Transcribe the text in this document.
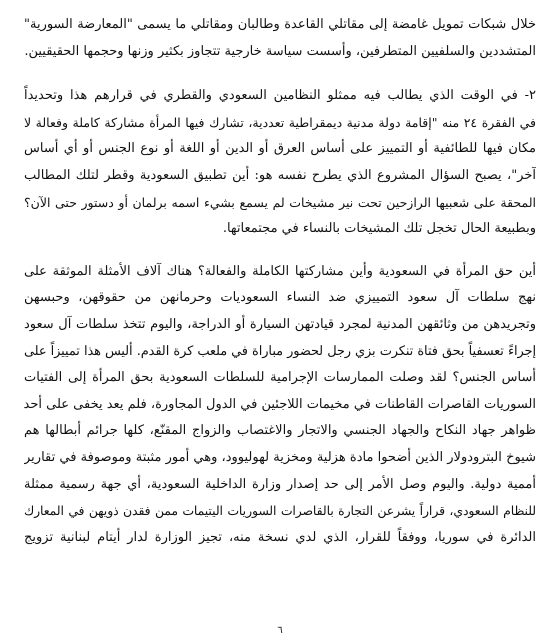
خلال شبكات تمويل غامضة إلى مقاتلي القاعدة وطالبان ومقاتلي ما يسمى "المعارضة السورية"
المتشددين والسلفيين المتطرفين، وأسست سياسة خارجية تتجاوز بكثير وزنها وحجمها الحقيقيين.
٢- في الوقت الذي يطالب فيه ممثلو النظامين السعودي والقطري في قرارهم هذا وتحديداً
في الفقرة ٢٤ منه "إقامة دولة مدنية ديمقراطية تعددية، تشارك فيها المرأة مشاركة كاملة وفعالة لا
مكان فيها للطائفية أو التمييز على أساس العرق أو الدين أو اللغة أو نوع الجنس أو أي أساس
آخر"، يصبح السؤال المشروع الذي يطرح نفسه هو: أين تطبيق السعودية وقطر لتلك المطالب
المحقة على شعبيها الرازحين تحت نير مشيخات لم يسمع بشيء اسمه برلمان أو دستور حتى الآن؟
وبطبيعة الحال تخجل تلك المشيخات بالنساء في مجتمعاتها.
أين حق المرأة في السعودية وأين مشاركتها الكاملة والفعالة؟ هناك آلاف الأمثلة الموثقة على
نهج سلطات آل سعود التمييزي ضد النساء السعوديات وحرمانهن من حقوقهن، وحبسهن
وتجريدهن من وثائقهن المدنية لمجرد قيادتهن السيارة أو الدراجة، واليوم تتخذ سلطات آل سعود
إجراءً تعسفياً بحق فتاة تنكرت بزي رجل لحضور مباراة في ملعب كرة القدم. أليس هذا تمييزاً على
أساس الجنس؟ لقد وصلت الممارسات الإجرامية للسلطات السعودية بحق المرأة إلى الفتيات
السوريات القاصرات القاطنات في مخيمات اللاجئين في الدول المجاورة، فلم يعد يخفى على أحد
ظواهر جهاد النكاح والجهاد الجنسي والاتجار والاغتصاب والزواج المقنّع، كلها جرائم أبطالها هم
شيوخ البترودولار الذين أضحوا مادة هزلية ومخزية لهوليوود، وهي أمور مثبتة وموصوفة في تقارير
أممية دولية. واليوم وصل الأمر إلى حد إصدار وزارة الداخلية السعودية، أي جهة رسمية ممثلة
للنظام السعودي، قراراً يشرعن التجارة بالقاصرات السوريات اليتيمات ممن فقدن ذويهن في المعارك
الدائرة في سوريا، ووفقاً للقرار، الذي لدي نسخة منه، تجيز الوزارة لدار أيتام لبنانية تزويج
٦
